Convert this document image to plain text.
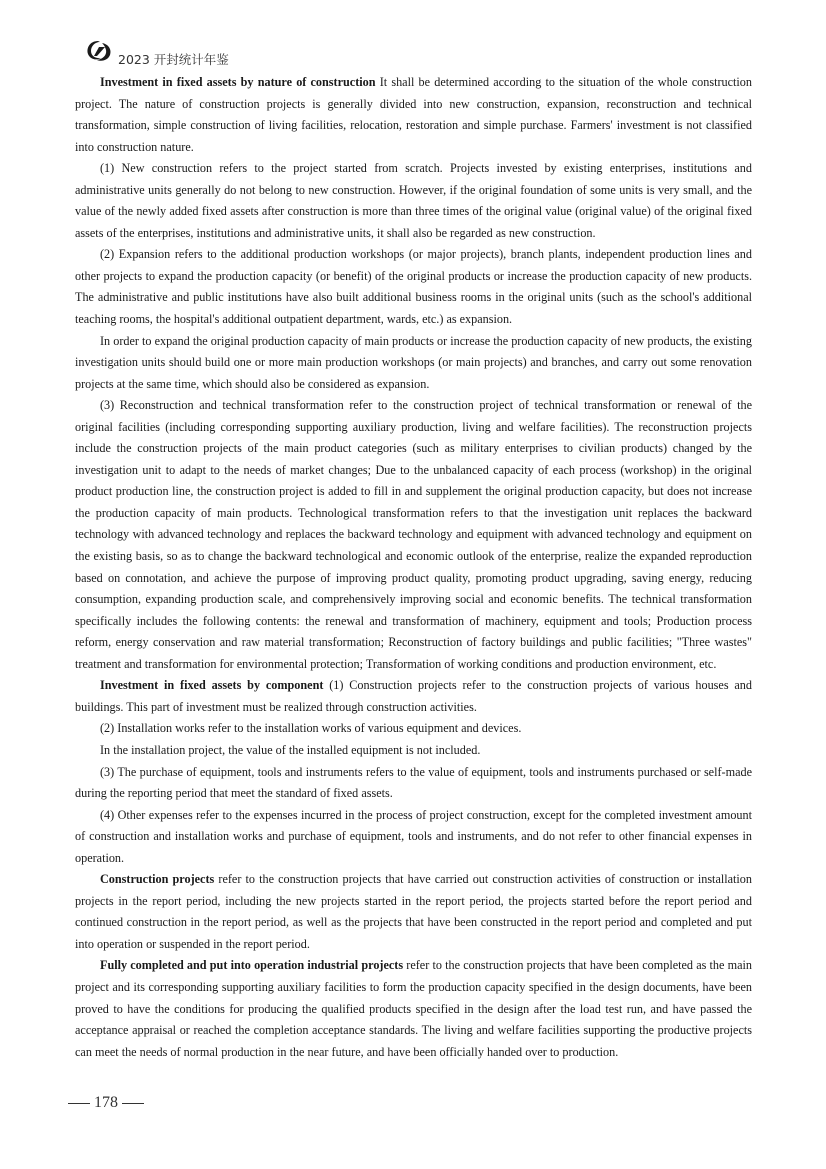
2023 开封统计年鉴

Investment in fixed assets by nature of construction It shall be determined according to the situation of the whole construction project. The nature of construction projects is generally divided into new construction, expansion, reconstruction and technical transformation, simple construction of living facilities, relocation, restoration and simple purchase. Farmers' investment is not classified into construction nature.

(1) New construction refers to the project started from scratch. Projects invested by existing enterprises, institutions and administrative units generally do not belong to new construction. However, if the original foundation of some units is very small, and the value of the newly added fixed assets after construction is more than three times of the original value (original value) of the original fixed assets of the enterprises, institutions and administrative units, it shall also be regarded as new construction.

(2) Expansion refers to the additional production workshops (or major projects), branch plants, independent production lines and other projects to expand the production capacity (or benefit) of the original products or increase the production capacity of new products. The administrative and public institutions have also built additional business rooms in the original units (such as the school's additional teaching rooms, the hospital's additional outpatient department, wards, etc.) as expansion.

In order to expand the original production capacity of main products or increase the production capacity of new products, the existing investigation units should build one or more main production workshops (or main projects) and branches, and carry out some renovation projects at the same time, which should also be considered as expansion.

(3) Reconstruction and technical transformation refer to the construction project of technical transformation or renewal of the original facilities (including corresponding supporting auxiliary production, living and welfare facilities). The reconstruction projects include the construction projects of the main product categories (such as military enterprises to civilian products) changed by the investigation unit to adapt to the needs of market changes; Due to the unbalanced capacity of each process (workshop) in the original product production line, the construction project is added to fill in and supplement the original production capacity, but does not increase the production capacity of main products. Technological transformation refers to that the investigation unit replaces the backward technology with advanced technology and replaces the backward technology and equipment with advanced technology and equipment on the existing basis, so as to change the backward technological and economic outlook of the enterprise, realize the expanded reproduction based on connotation, and achieve the purpose of improving product quality, promoting product upgrading, saving energy, reducing consumption, expanding production scale, and comprehensively improving social and economic benefits. The technical transformation specifically includes the following contents: the renewal and transformation of machinery, equipment and tools; Production process reform, energy conservation and raw material transformation; Reconstruction of factory buildings and public facilities; "Three wastes" treatment and transformation for environmental protection; Transformation of working conditions and production environment, etc.

Investment in fixed assets by component (1) Construction projects refer to the construction projects of various houses and buildings. This part of investment must be realized through construction activities.

(2) Installation works refer to the installation works of various equipment and devices.

In the installation project, the value of the installed equipment is not included.

(3) The purchase of equipment, tools and instruments refers to the value of equipment, tools and instruments purchased or self-made during the reporting period that meet the standard of fixed assets.

(4) Other expenses refer to the expenses incurred in the process of project construction, except for the completed investment amount of construction and installation works and purchase of equipment, tools and instruments, and do not refer to other financial expenses in operation.

Construction projects refer to the construction projects that have carried out construction activities of construction or installation projects in the report period, including the new projects started in the report period, the projects started before the report period and continued construction in the report period, as well as the projects that have been constructed in the report period and completed and put into operation or suspended in the report period.

Fully completed and put into operation industrial projects refer to the construction projects that have been completed as the main project and its corresponding supporting auxiliary facilities to form the production capacity specified in the design documents, have been proved to have the conditions for producing the qualified products specified in the design after the load test run, and have passed the acceptance appraisal or reached the completion acceptance standards. The living and welfare facilities supporting the productive projects can meet the needs of normal production in the near future, and have been officially handed over to production.

178
